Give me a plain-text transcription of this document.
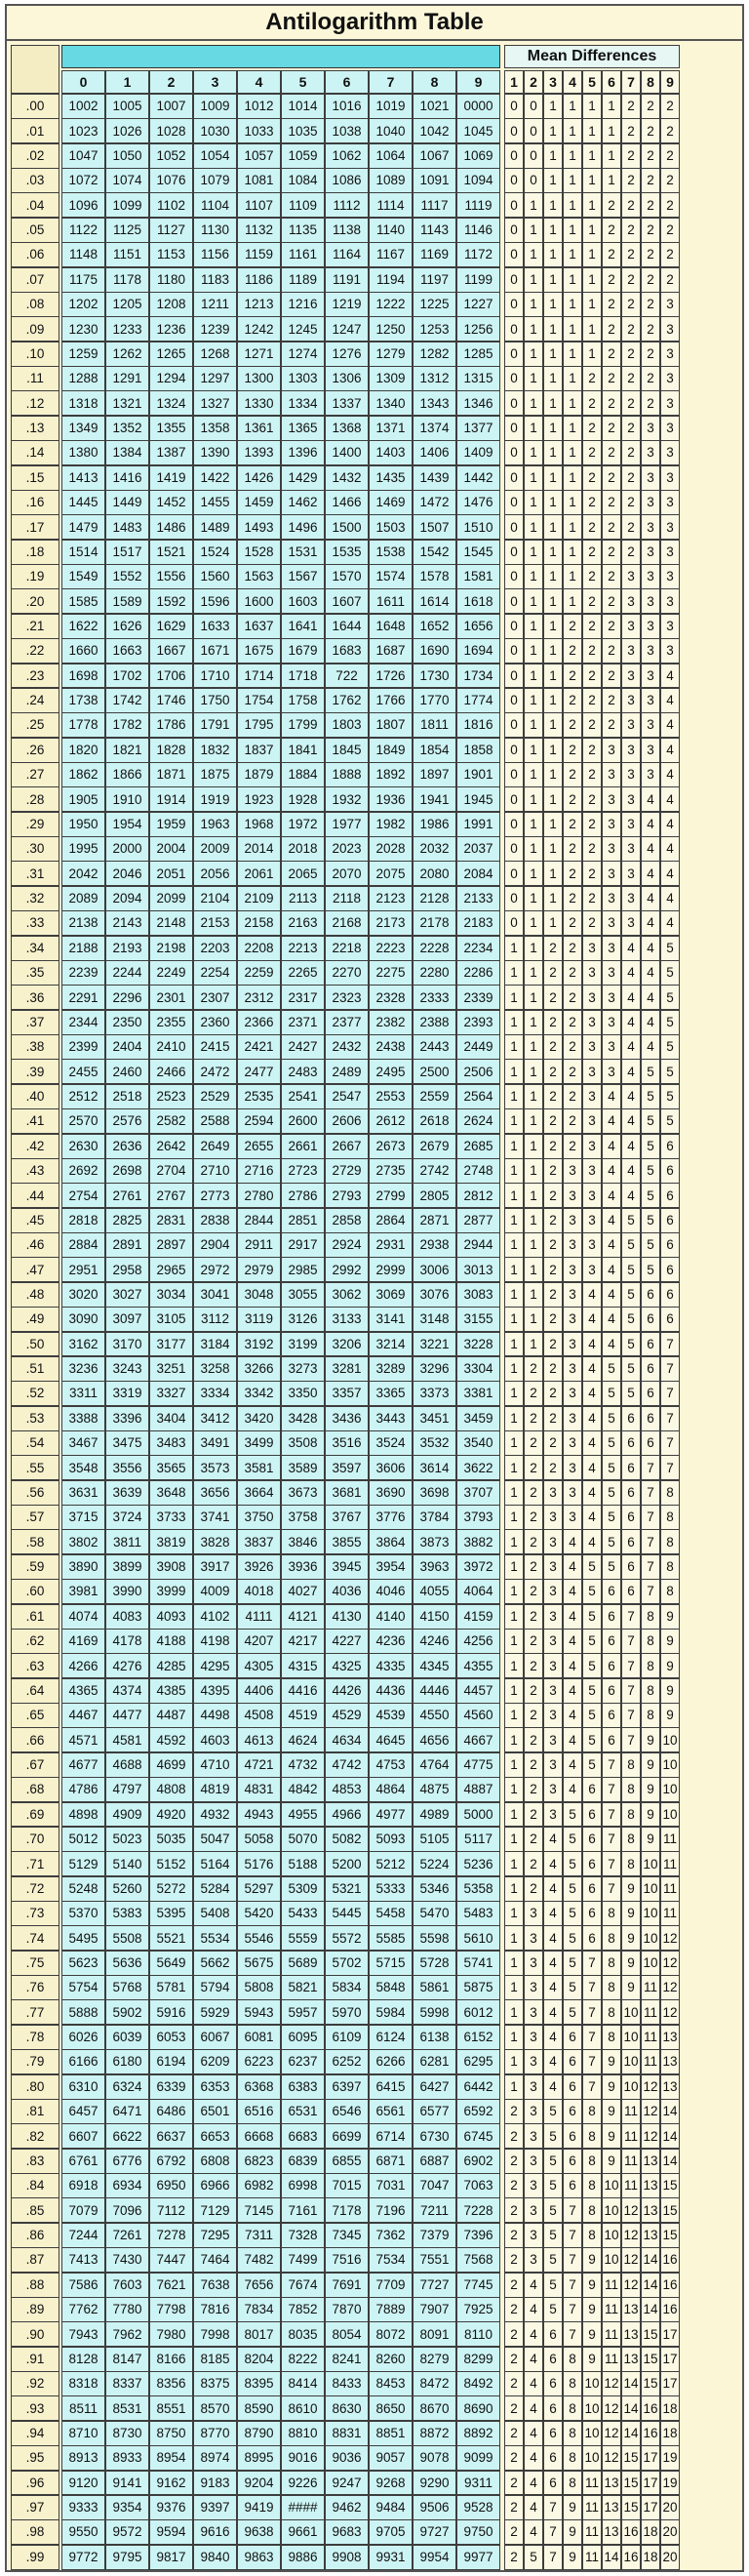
Antilogarithm Table
Mean Differences
0	1	2	3	4	5	6	7	8	9	1 2 3 4 5 6 7 8 9
.00	1002	1005	1007	1009	1012	1014	1016	1019	1021	0000	0 0 1 1 1 1 2 2 2
.01	1023	1026	1028	1030	1033	1035	1038	1040	1042	1045	0 0 1 1 1 1 2 2 2
.02	1047	1050	1052	1054	1057	1059	1062	1064	1067	1069	0 0 1 1 1 1 2 2 2
.03	1072	1074	1076	1079	1081	1084	1086	1089	1091	1094	0 0 1 1 1 1 2 2 2
.04	1096	1099	1102	1104	1107	1109	1112	1114	1117	1119	0 1 1 1 1 2 2 2 2
.05	1122	1125	1127	1130	1132	1135	1138	1140	1143	1146	0 1 1 1 1 2 2 2 2
.06	1148	1151	1153	1156	1159	1161	1164	1167	1169	1172	0 1 1 1 1 2 2 2 2
.07	1175	1178	1180	1183	1186	1189	1191	1194	1197	1199	0 1 1 1 1 2 2 2 2
.08	1202	1205	1208	1211	1213	1216	1219	1222	1225	1227	0 1 1 1 1 2 2 2 3
.09	1230	1233	1236	1239	1242	1245	1247	1250	1253	1256	0 1 1 1 1 2 2 2 3
.10	1259	1262	1265	1268	1271	1274	1276	1279	1282	1285	0 1 1 1 1 2 2 2 3
.11	1288	1291	1294	1297	1300	1303	1306	1309	1312	1315	0 1 1 1 2 2 2 2 3
.12	1318	1321	1324	1327	1330	1334	1337	1340	1343	1346	0 1 1 1 2 2 2 2 3
.13	1349	1352	1355	1358	1361	1365	1368	1371	1374	1377	0 1 1 1 2 2 2 3 3
.14	1380	1384	1387	1390	1393	1396	1400	1403	1406	1409	0 1 1 1 2 2 2 3 3
.15	1413	1416	1419	1422	1426	1429	1432	1435	1439	1442	0 1 1 1 2 2 2 3 3
.16	1445	1449	1452	1455	1459	1462	1466	1469	1472	1476	0 1 1 1 2 2 2 3 3
.17	1479	1483	1486	1489	1493	1496	1500	1503	1507	1510	0 1 1 1 2 2 2 3 3
.18	1514	1517	1521	1524	1528	1531	1535	1538	1542	1545	0 1 1 1 2 2 2 3 3
.19	1549	1552	1556	1560	1563	1567	1570	1574	1578	1581	0 1 1 1 2 2 3 3 3
.20	1585	1589	1592	1596	1600	1603	1607	1611	1614	1618	0 1 1 1 2 2 3 3 3
.21	1622	1626	1629	1633	1637	1641	1644	1648	1652	1656	0 1 1 2 2 2 3 3 3
.22	1660	1663	1667	1671	1675	1679	1683	1687	1690	1694	0 1 1 2 2 2 3 3 3
.23	1698	1702	1706	1710	1714	1718	722	1726	1730	1734	0 1 1 2 2 2 3 3 4
.24	1738	1742	1746	1750	1754	1758	1762	1766	1770	1774	0 1 1 2 2 2 3 3 4
.25	1778	1782	1786	1791	1795	1799	1803	1807	1811	1816	0 1 1 2 2 2 3 3 4
.26	1820	1821	1828	1832	1837	1841	1845	1849	1854	1858	0 1 1 2 2 3 3 3 4
.27	1862	1866	1871	1875	1879	1884	1888	1892	1897	1901	0 1 1 2 2 3 3 3 4
.28	1905	1910	1914	1919	1923	1928	1932	1936	1941	1945	0 1 1 2 2 3 3 4 4
.29	1950	1954	1959	1963	1968	1972	1977	1982	1986	1991	0 1 1 2 2 3 3 4 4
.30	1995	2000	2004	2009	2014	2018	2023	2028	2032	2037	0 1 1 2 2 3 3 4 4
.31	2042	2046	2051	2056	2061	2065	2070	2075	2080	2084	0 1 1 2 2 3 3 4 4
.32	2089	2094	2099	2104	2109	2113	2118	2123	2128	2133	0 1 1 2 2 3 3 4 4
.33	2138	2143	2148	2153	2158	2163	2168	2173	2178	2183	0 1 1 2 2 3 3 4 4
.34	2188	2193	2198	2203	2208	2213	2218	2223	2228	2234	1 1 2 2 3 3 4 4 5
.35	2239	2244	2249	2254	2259	2265	2270	2275	2280	2286	1 1 2 2 3 3 4 4 5
.36	2291	2296	2301	2307	2312	2317	2323	2328	2333	2339	1 1 2 2 3 3 4 4 5
.37	2344	2350	2355	2360	2366	2371	2377	2382	2388	2393	1 1 2 2 3 3 4 4 5
.38	2399	2404	2410	2415	2421	2427	2432	2438	2443	2449	1 1 2 2 3 3 4 4 5
.39	2455	2460	2466	2472	2477	2483	2489	2495	2500	2506	1 1 2 2 3 3 4 5 5
.40	2512	2518	2523	2529	2535	2541	2547	2553	2559	2564	1 1 2 2 3 4 4 5 5
.41	2570	2576	2582	2588	2594	2600	2606	2612	2618	2624	1 1 2 2 3 4 4 5 5
.42	2630	2636	2642	2649	2655	2661	2667	2673	2679	2685	1 1 2 2 3 4 4 5 6
.43	2692	2698	2704	2710	2716	2723	2729	2735	2742	2748	1 1 2 3 3 4 4 5 6
.44	2754	2761	2767	2773	2780	2786	2793	2799	2805	2812	1 1 2 3 3 4 4 5 6
.45	2818	2825	2831	2838	2844	2851	2858	2864	2871	2877	1 1 2 3 3 4 5 5 6
.46	2884	2891	2897	2904	2911	2917	2924	2931	2938	2944	1 1 2 3 3 4 5 5 6
.47	2951	2958	2965	2972	2979	2985	2992	2999	3006	3013	1 1 2 3 3 4 5 5 6
.48	3020	3027	3034	3041	3048	3055	3062	3069	3076	3083	1 1 2 3 4 4 5 6 6
.49	3090	3097	3105	3112	3119	3126	3133	3141	3148	3155	1 1 2 3 4 4 5 6 6
.50	3162	3170	3177	3184	3192	3199	3206	3214	3221	3228	1 1 2 3 4 4 5 6 7
.51	3236	3243	3251	3258	3266	3273	3281	3289	3296	3304	1 2 2 3 4 5 5 6 7
.52	3311	3319	3327	3334	3342	3350	3357	3365	3373	3381	1 2 2 3 4 5 5 6 7
.53	3388	3396	3404	3412	3420	3428	3436	3443	3451	3459	1 2 2 3 4 5 6 6 7
.54	3467	3475	3483	3491	3499	3508	3516	3524	3532	3540	1 2 2 3 4 5 6 6 7
.55	3548	3556	3565	3573	3581	3589	3597	3606	3614	3622	1 2 2 3 4 5 6 7 7
.56	3631	3639	3648	3656	3664	3673	3681	3690	3698	3707	1 2 3 3 4 5 6 7 8
.57	3715	3724	3733	3741	3750	3758	3767	3776	3784	3793	1 2 3 3 4 5 6 7 8
.58	3802	3811	3819	3828	3837	3846	3855	3864	3873	3882	1 2 3 4 4 5 6 7 8
.59	3890	3899	3908	3917	3926	3936	3945	3954	3963	3972	1 2 3 4 5 5 6 7 8
.60	3981	3990	3999	4009	4018	4027	4036	4046	4055	4064	1 2 3 4 5 6 6 7 8
.61	4074	4083	4093	4102	4111	4121	4130	4140	4150	4159	1 2 3 4 5 6 7 8 9
.62	4169	4178	4188	4198	4207	4217	4227	4236	4246	4256	1 2 3 4 5 6 7 8 9
.63	4266	4276	4285	4295	4305	4315	4325	4335	4345	4355	1 2 3 4 5 6 7 8 9
.64	4365	4374	4385	4395	4406	4416	4426	4436	4446	4457	1 2 3 4 5 6 7 8 9
.65	4467	4477	4487	4498	4508	4519	4529	4539	4550	4560	1 2 3 4 5 6 7 8 9
.66	4571	4581	4592	4603	4613	4624	4634	4645	4656	4667	1 2 3 4 5 6 7 9 10
.67	4677	4688	4699	4710	4721	4732	4742	4753	4764	4775	1 2 3 4 5 7 8 9 10
.68	4786	4797	4808	4819	4831	4842	4853	4864	4875	4887	1 2 3 4 6 7 8 9 10
.69	4898	4909	4920	4932	4943	4955	4966	4977	4989	5000	1 2 3 5 6 7 8 9 10
.70	5012	5023	5035	5047	5058	5070	5082	5093	5105	5117	1 2 4 5 6 7 8 9 11
.71	5129	5140	5152	5164	5176	5188	5200	5212	5224	5236	1 2 4 5 6 7 8 10 11
.72	5248	5260	5272	5284	5297	5309	5321	5333	5346	5358	1 2 4 5 6 7 9 10 11
.73	5370	5383	5395	5408	5420	5433	5445	5458	5470	5483	1 3 4 5 6 8 9 10 11
.74	5495	5508	5521	5534	5546	5559	5572	5585	5598	5610	1 3 4 5 6 8 9 10 12
.75	5623	5636	5649	5662	5675	5689	5702	5715	5728	5741	1 3 4 5 7 8 9 10 12
.76	5754	5768	5781	5794	5808	5821	5834	5848	5861	5875	1 3 4 5 7 8 9 11 12
.77	5888	5902	5916	5929	5943	5957	5970	5984	5998	6012	1 3 4 5 7 8 10 11 12
.78	6026	6039	6053	6067	6081	6095	6109	6124	6138	6152	1 3 4 6 7 8 10 11 13
.79	6166	6180	6194	6209	6223	6237	6252	6266	6281	6295	1 3 4 6 7 9 10 11 13
.80	6310	6324	6339	6353	6368	6383	6397	6415	6427	6442	1 3 4 6 7 9 10 12 13
.81	6457	6471	6486	6501	6516	6531	6546	6561	6577	6592	2 3 5 6 8 9 11 12 14
.82	6607	6622	6637	6653	6668	6683	6699	6714	6730	6745	2 3 5 6 8 9 11 12 14
.83	6761	6776	6792	6808	6823	6839	6855	6871	6887	6902	2 3 5 6 8 9 11 13 14
.84	6918	6934	6950	6966	6982	6998	7015	7031	7047	7063	2 3 5 6 8 10 11 13 15
.85	7079	7096	7112	7129	7145	7161	7178	7196	7211	7228	2 3 5 7 8 10 12 13 15
.86	7244	7261	7278	7295	7311	7328	7345	7362	7379	7396	2 3 5 7 8 10 12 13 15
.87	7413	7430	7447	7464	7482	7499	7516	7534	7551	7568	2 3 5 7 9 10 12 14 16
.88	7586	7603	7621	7638	7656	7674	7691	7709	7727	7745	2 4 5 7 9 11 12 14 16
.89	7762	7780	7798	7816	7834	7852	7870	7889	7907	7925	2 4 5 7 9 11 13 14 16
.90	7943	7962	7980	7998	8017	8035	8054	8072	8091	8110	2 4 6 7 9 11 13 15 17
.91	8128	8147	8166	8185	8204	8222	8241	8260	8279	8299	2 4 6 8 9 11 13 15 17
.92	8318	8337	8356	8375	8395	8414	8433	8453	8472	8492	2 4 6 8 10 12 14 15 17
.93	8511	8531	8551	8570	8590	8610	8630	8650	8670	8690	2 4 6 8 10 12 14 16 18
.94	8710	8730	8750	8770	8790	8810	8831	8851	8872	8892	2 4 6 8 10 12 14 16 18
.95	8913	8933	8954	8974	8995	9016	9036	9057	9078	9099	2 4 6 8 10 12 15 17 19
.96	9120	9141	9162	9183	9204	9226	9247	9268	9290	9311	2 4 6 8 11 13 15 17 19
.97	9333	9354	9376	9397	9419	####	9462	9484	9506	9528	2 4 7 9 11 13 15 17 20
.98	9550	9572	9594	9616	9638	9661	9683	9705	9727	9750	2 4 7 9 11 13 16 18 20
.99	9772	9795	9817	9840	9863	9886	9908	9931	9954	9977	2 5 7 9 11 14 16 18 20
